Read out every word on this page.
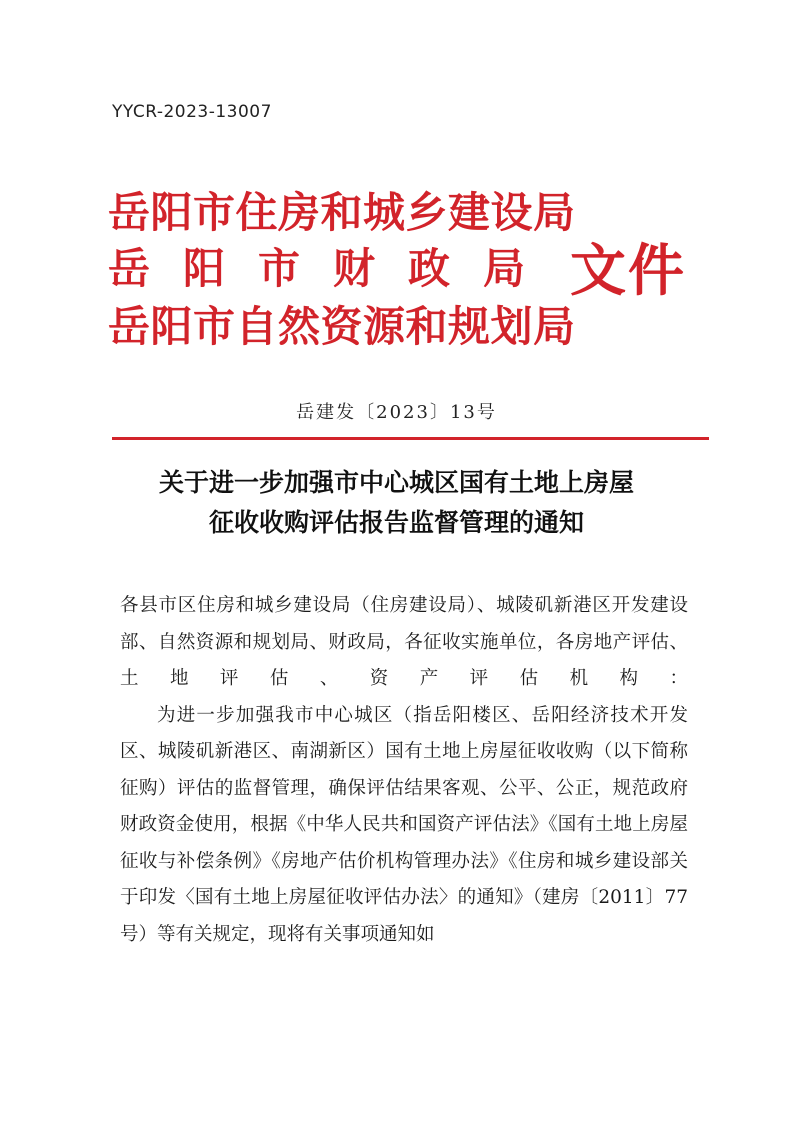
YYCR-2023-13007
岳阳市住房和城乡建设局
岳阳市财政局
岳阳市自然资源和规划局
文件
岳建发〔2023〕13号
关于进一步加强市中心城区国有土地上房屋
征收收购评估报告监督管理的通知

各县市区住房和城乡建设局（住房建设局）、城陵矶新港区开发建设部、自然资源和规划局、财政局，各征收实施单位，各房地产评估、土地评估、资产评估机构：

为进一步加强我市中心城区（指岳阳楼区、岳阳经济技术开发区、城陵矶新港区、南湖新区）国有土地上房屋征收收购（以下简称征购）评估的监督管理，确保评估结果客观、公平、公正，规范政府财政资金使用，根据《中华人民共和国资产评估法》《国有土地上房屋征收与补偿条例》《房地产估价机构管理办法》《住房和城乡建设部关于印发〈国有土地上房屋征收评估办法〉的通知》（建房〔2011〕77号）等有关规定，现将有关事项通知如
